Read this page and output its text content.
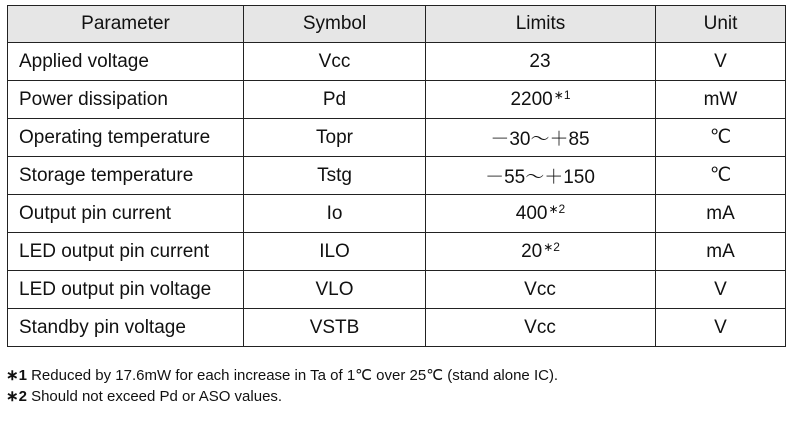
Parameter	Symbol	Limits	Unit
Applied voltage	Vcc	23	V
Power dissipation	Pd	2200$^{∗1}$	mW
Operating temperature	Topr	－30～＋85	℃
Storage temperature	Tstg	－55～＋150	℃
Output pin current	Io	400$^{∗2}$	mA
LED output pin current	ILO	20$^{∗2}$	mA
LED output pin voltage	VLO	Vcc	V
Standby pin voltage	VSTB	Vcc	V
∗1 Reduced by 17.6mW for each increase in Ta of 1℃ over 25℃ (stand alone IC).
∗2 Should not exceed Pd or ASO values.
